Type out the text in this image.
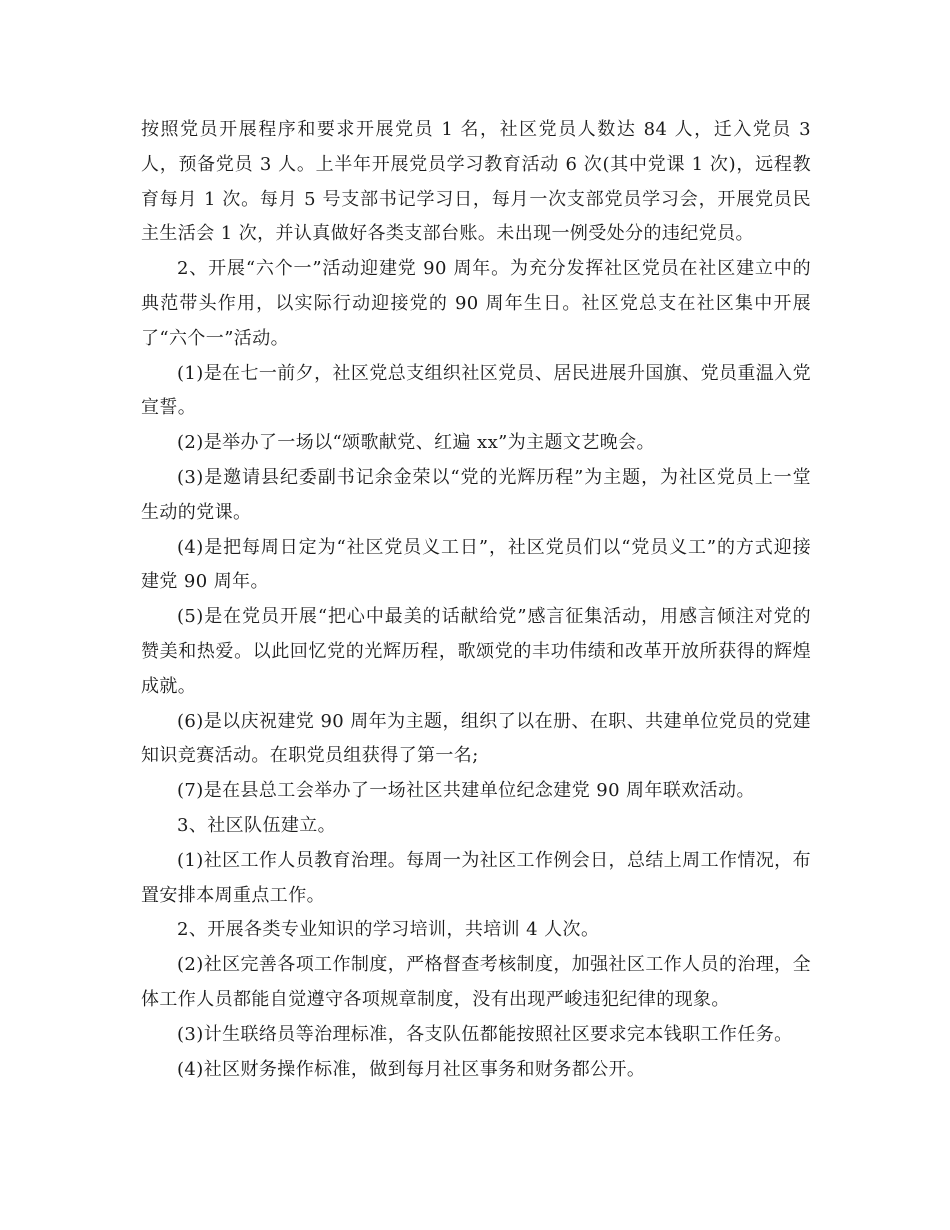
按照党员开展程序和要求开展党员 1 名，社区党员人数达 84 人，迁入党员 3 人，预备党员 3 人。上半年开展党员学习教育活动 6 次(其中党课 1 次)，远程教育每月 1 次。每月 5 号支部书记学习日，每月一次支部党员学习会，开展党员民主生活会 1 次，并认真做好各类支部台账。未出现一例受处分的违纪党员。

2、开展“六个一”活动迎建党 90 周年。为充分发挥社区党员在社区建立中的典范带头作用，以实际行动迎接党的 90 周年生日。社区党总支在社区集中开展了“六个一”活动。

(1)是在七一前夕，社区党总支组织社区党员、居民进展升国旗、党员重温入党宣誓。

(2)是举办了一场以“颂歌献党、红遍 xx”为主题文艺晚会。

(3)是邀请县纪委副书记余金荣以“党的光辉历程”为主题，为社区党员上一堂生动的党课。

(4)是把每周日定为“社区党员义工日”，社区党员们以“党员义工”的方式迎接建党 90 周年。

(5)是在党员开展“把心中最美的话献给党”感言征集活动，用感言倾注对党的赞美和热爱。以此回忆党的光辉历程，歌颂党的丰功伟绩和改革开放所获得的辉煌成就。

(6)是以庆祝建党 90 周年为主题，组织了以在册、在职、共建单位党员的党建知识竞赛活动。在职党员组获得了第一名;

(7)是在县总工会举办了一场社区共建单位纪念建党 90 周年联欢活动。

3、社区队伍建立。

(1)社区工作人员教育治理。每周一为社区工作例会日，总结上周工作情况，布置安排本周重点工作。

2、开展各类专业知识的学习培训，共培训 4 人次。

(2)社区完善各项工作制度，严格督查考核制度，加强社区工作人员的治理，全体工作人员都能自觉遵守各项规章制度，没有出现严峻违犯纪律的现象。

(3)计生联络员等治理标准，各支队伍都能按照社区要求完本钱职工作任务。

(4)社区财务操作标准，做到每月社区事务和财务都公开。
